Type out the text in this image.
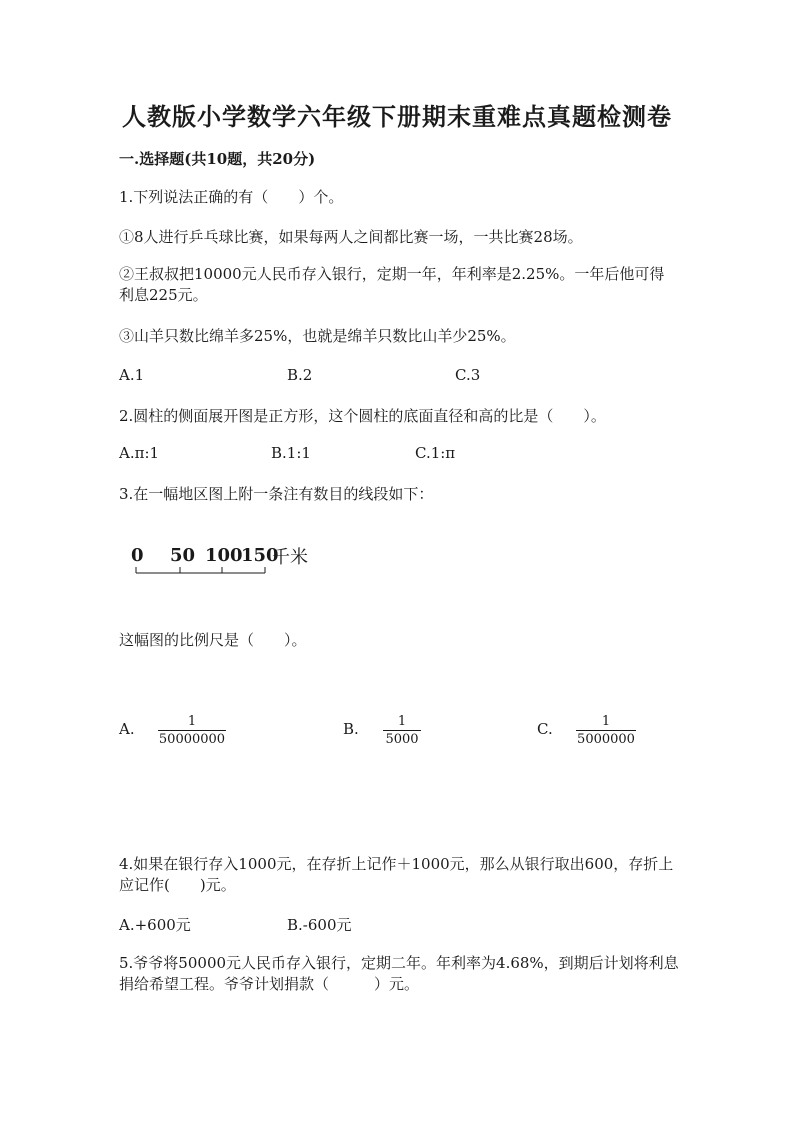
人教版小学数学六年级下册期末重难点真题检测卷
一.选择题(共10题，共20分)
1.下列说法正确的有（　　）个。
①8人进行乒乓球比赛，如果每两人之间都比赛一场，一共比赛28场。
②王叔叔把10000元人民币存入银行，定期一年，年利率是2.25%。一年后他可得利息225元。
③山羊只数比绵羊多25%，也就是绵羊只数比山羊少25%。
A.1	B.2	C.3
2.圆柱的侧面展开图是正方形，这个圆柱的底面直径和高的比是（　　）。
A.π:1	B.1:1	C.1:π
3.在一幅地区图上附一条注有数目的线段如下：
0 50 100
150
千米
这幅图的比例尺是（　　）。
A. $\frac{1}{50000000}$	B. $\frac{1}{5000}$	C. $\frac{1}{5000000}$
4.如果在银行存入1000元，在存折上记作＋1000元，那么从银行取出600，存折上应记作(　　)元。
A.+600元	B.-600元
5.爷爷将50000元人民币存入银行，定期二年。年利率为4.68%，到期后计划将利息捐给希望工程。爷爷计划捐款（　　　）元。
